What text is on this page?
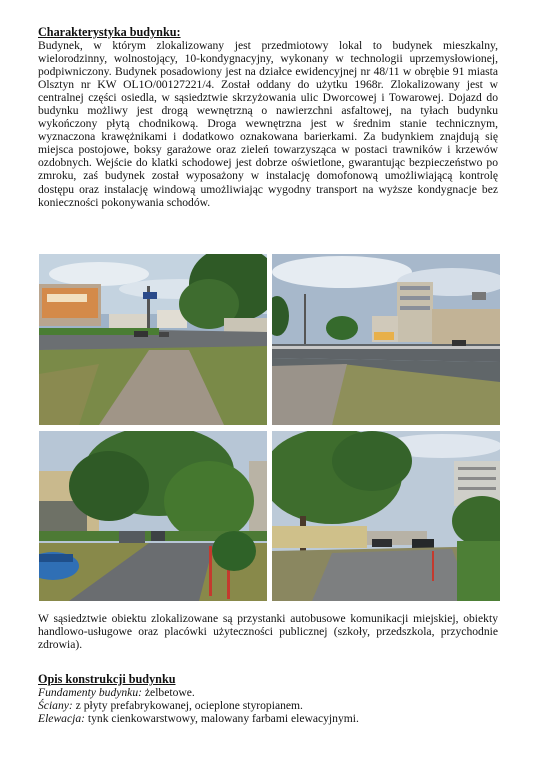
Charakterystyka budynku:

Budynek, w którym zlokalizowany jest przedmiotowy lokal to budynek mieszkalny, wielorodzinny, wolnostojący, 10-kondygnacyjny, wykonany w technologii uprzemysłowionej, podpiwniczony. Budynek posadowiony jest na działce ewidencyjnej nr 48/11 w obrębie 91 miasta Olsztyn nr KW OL1O/00127221/4. Został oddany do użytku 1968r. Zlokalizowany jest w centralnej części osiedla, w sąsiedztwie skrzyżowania ulic Dworcowej i Towarowej. Dojazd do budynku możliwy jest drogą wewnętrzną o nawierzchni asfaltowej, na tyłach budynku wykończony płytą chodnikową. Droga wewnętrzna jest w średnim stanie technicznym, wyznaczona krawężnikami i dodatkowo oznakowana barierkami. Za budynkiem znajdują się miejsca postojowe, boksy garażowe oraz zieleń towarzysząca w postaci trawników i krzewów ozdobnych. Wejście do klatki schodowej jest dobrze oświetlone, gwarantując bezpieczeństwo po zmroku, zaś budynek został wyposażony w instalację domofonową umożliwiającą kontrolę dostępu oraz instalację windową umożliwiając wygodny transport na wyższe kondygnacje bez konieczności pokonywania schodów.

W sąsiedztwie obiektu zlokalizowane są przystanki autobusowe komunikacji miejskiej, obiekty handlowo-usługowe oraz placówki użyteczności publicznej (szkoły, przedszkola, przychodnie zdrowia).

Opis konstrukcji budynku

Fundamenty budynku: żelbetowe.

Ściany: z płyty prefabrykowanej, ocieplone styropianem.

Elewacja: tynk cienkowarstwowy, malowany farbami elewacyjnymi.
